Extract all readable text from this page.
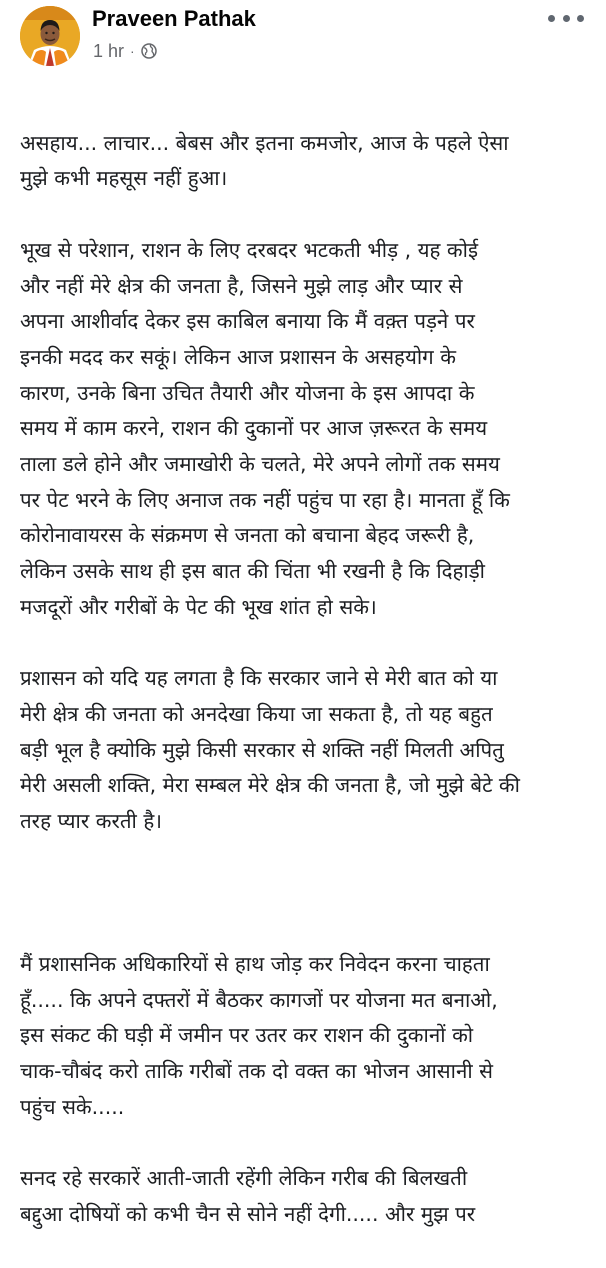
Praveen Pathak
1 hr ·

असहाय... लाचार... बेबस और इतना कमजोर, आज के पहले ऐसा
मुझे कभी महसूस नहीं हुआ।

भूख से परेशान, राशन के लिए दरबदर भटकती भीड़ , यह कोई
और नहीं मेरे क्षेत्र की जनता है, जिसने मुझे लाड़ और प्यार से
अपना आशीर्वाद देकर इस काबिल बनाया कि मैं वक़्त पड़ने पर
इनकी मदद कर सकूं। लेकिन आज प्रशासन के असहयोग के
कारण, उनके बिना उचित तैयारी और योजना के इस आपदा के
समय में काम करने, राशन की दुकानों पर आज ज़रूरत के समय
ताला डले होने और जमाखोरी के चलते, मेरे अपने लोगों तक समय
पर पेट भरने के लिए अनाज तक नहीं पहुंच पा रहा है। मानता हूँ कि
कोरोनावायरस के संक्रमण से जनता को बचाना बेहद जरूरी है,
लेकिन उसके साथ ही इस बात की चिंता भी रखनी है कि दिहाड़ी
मजदूरों और गरीबों के पेट की भूख शांत हो सके।

प्रशासन को यदि यह लगता है कि सरकार जाने से मेरी बात को या
मेरी क्षेत्र की जनता को अनदेखा किया जा सकता है, तो यह बहुत
बड़ी भूल है क्योकि मुझे किसी सरकार से शक्ति नहीं मिलती अपितु
मेरी असली शक्ति, मेरा सम्बल मेरे क्षेत्र की जनता है, जो मुझे बेटे की
तरह प्यार करती है।

मैं प्रशासनिक अधिकारियों से हाथ जोड़ कर निवेदन करना चाहता
हूँ..... कि अपने दफ्तरों में बैठकर कागजों पर योजना मत बनाओ,
इस संकट की घड़ी में जमीन पर उतर कर राशन की दुकानों को
चाक-चौबंद करो ताकि गरीबों तक दो वक्त का भोजन आसानी से
पहुंच सके.....

सनद रहे सरकारें आती-जाती रहेंगी लेकिन गरीब की बिलखती
बद्दुआ दोषियों को कभी चैन से सोने नहीं देगी..... और मुझ पर
